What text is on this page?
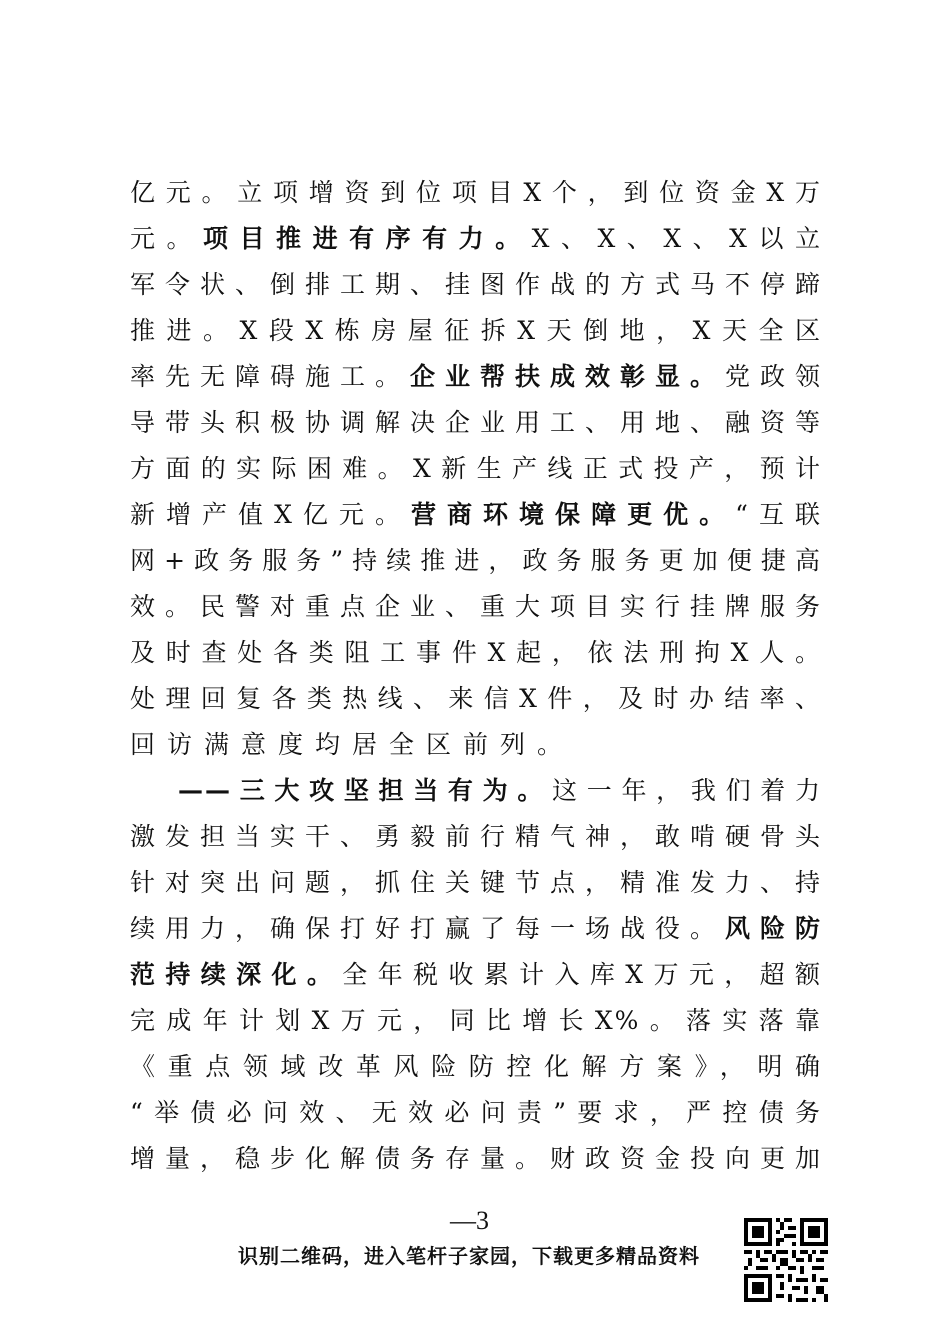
亿元。立项增资到位项目X个，到位资金X万
元。项目推进有序有力。X、X、X、X以立
军令状、倒排工期、挂图作战的方式马不停蹄
推进。X段X栋房屋征拆X天倒地，X天全区
率先无障碍施工。企业帮扶成效彰显。党政领
导带头积极协调解决企业用工、用地、融资等
方面的实际困难。X新生产线正式投产，预计
新增产值X亿元。营商环境保障更优。“互联
网+政务服务”持续推进，政务服务更加便捷高
效。民警对重点企业、重大项目实行挂牌服务
及时查处各类阻工事件X起，依法刑拘X人。
处理回复各类热线、来信X件，及时办结率、
回访满意度均居全区前列。
——三大攻坚担当有为。这一年，我们着力
激发担当实干、勇毅前行精气神，敢啃硬骨头
针对突出问题，抓住关键节点，精准发力、持
续用力，确保打好打赢了每一场战役。风险防
范持续深化。全年税收累计入库X万元，超额
完成年计划X万元，同比增长X%。落实落靠
《重点领域改革风险防控化解方案》，明确
“举债必问效、无效必问责”要求，严控债务
增量，稳步化解债务存量。财政资金投向更加
—3
识别二维码，进入笔杆子家园，下载更多精品资料
